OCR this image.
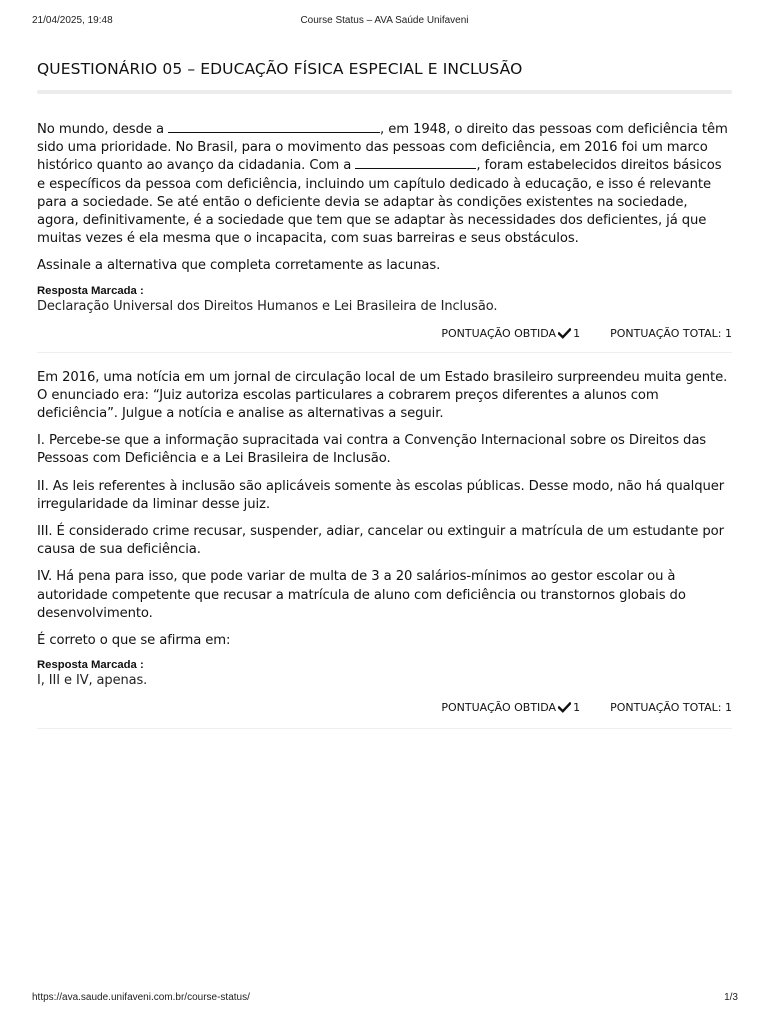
21/04/2025, 19:48	Course Status – AVA Saúde Unifaveni
QUESTIONÁRIO 05 – EDUCAÇÃO FÍSICA ESPECIAL E INCLUSÃO

No mundo, desde a	, em 1948, o direito das pessoas com deficiência têm sido uma prioridade. No Brasil, para o movimento das pessoas com deficiência, em 2016 foi um marco histórico quanto ao avanço da cidadania. Com a	, foram estabelecidos direitos básicos e específicos da pessoa com deficiência, incluindo um capítulo dedicado à educação, e isso é relevante para a sociedade. Se até então o deficiente devia se adaptar às condições existentes na sociedade, agora, definitivamente, é a sociedade que tem que se adaptar às necessidades dos deficientes, já que muitas vezes é ela mesma que o incapacita, com suas barreiras e seus obstáculos.

Assinale a alternativa que completa corretamente as lacunas.

Resposta Marcada :
Declaração Universal dos Direitos Humanos e Lei Brasileira de Inclusão.
PONTUAÇÃO OBTIDA 1	PONTUAÇÃO TOTAL: 1

Em 2016, uma notícia em um jornal de circulação local de um Estado brasileiro surpreendeu muita gente. O enunciado era: “Juiz autoriza escolas particulares a cobrarem preços diferentes a alunos com deficiência”. Julgue a notícia e analise as alternativas a seguir.

I. Percebe-se que a informação supracitada vai contra a Convenção Internacional sobre os Direitos das Pessoas com Deficiência e a Lei Brasileira de Inclusão.

II. As leis referentes à inclusão são aplicáveis somente às escolas públicas. Desse modo, não há qualquer irregularidade da liminar desse juiz.

III. É considerado crime recusar, suspender, adiar, cancelar ou extinguir a matrícula de um estudante por causa de sua deficiência.

IV. Há pena para isso, que pode variar de multa de 3 a 20 salários-mínimos ao gestor escolar ou à autoridade competente que recusar a matrícula de aluno com deficiência ou transtornos globais do desenvolvimento.

É correto o que se afirma em:

Resposta Marcada :
I, III e IV, apenas.
PONTUAÇÃO OBTIDA 1	PONTUAÇÃO TOTAL: 1
https://ava.saude.unifaveni.com.br/course-status/	1/3
